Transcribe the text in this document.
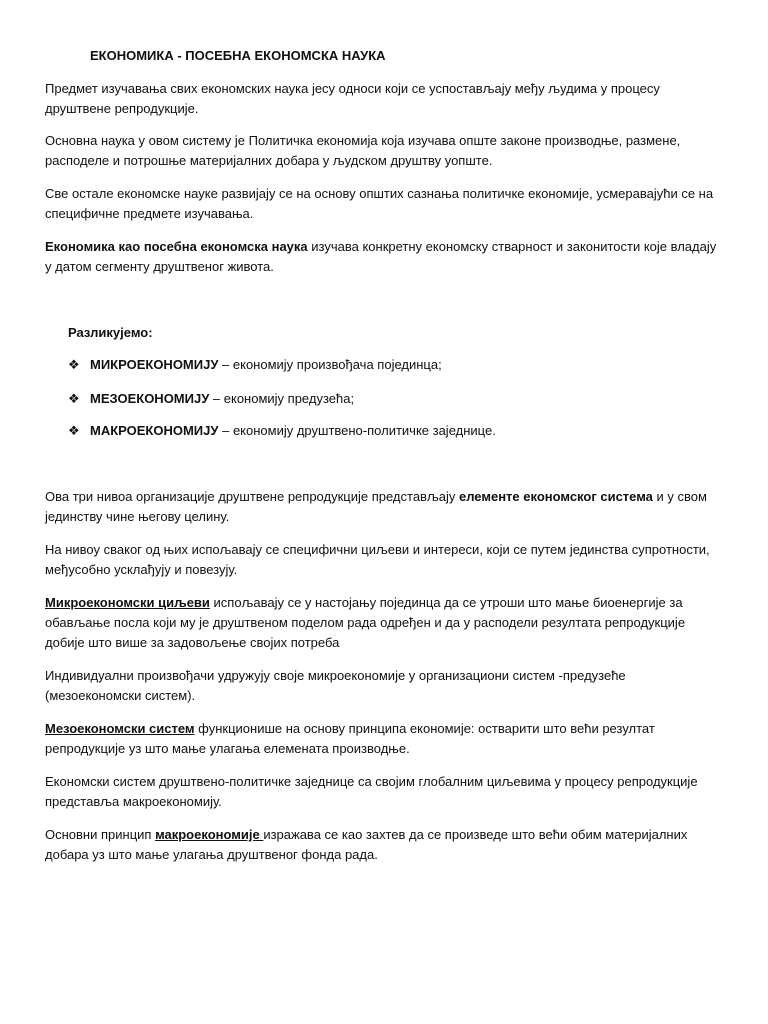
ЕКОНОМИКА - ПОСЕБНА ЕКОНОМСКА НАУКА

Предмет изучавања свих економских наука јесу односи који се успостављају међу људима у процесу друштвене репродукције.

Основна наука у овом систему је Политичка економија која изучава опште законе производње, размене, расподеле и потрошње материјалних добара у људском друштву уопште.

Све остале економске науке развијају се на основу општих сазнања политичке економије, усмеравајући се на специфичне предмете изучавања.

Економика као посебна економска наука изучава конкретну економску стварност и законитости које владају у датом сегменту друштвеног живота.

Разликујемо:
❖ МИКРОЕКОНОМИЈУ – економију произвођача појединца;
❖ МЕЗОЕКОНОМИЈУ – економију предузећа;
❖ МАКРОЕКОНОМИЈУ – економију друштвено-политичке заједнице.

Ова три нивоа организације друштвене репродукције представљају елементе економског система и у свом јединству чине његову целину.

На нивоу сваког од њих испољавају се специфични циљеви и интереси, који се путем јединства супротности, међусобно усклађују и повезују.

Микроекономски циљеви испољавају се у настојању појединца да се утроши што мање биоенергије за обављање посла који му је друштвеном поделом рада одређен и да у расподели резултата репродукције добије што више за задовољење својих потреба

Индивидуални произвођачи удружују своје микроекономије у организациони систем -предузеће (мезоекономски систем).

Мезоекономски систем функционише на основу принципа економије: остварити што већи резултат репродукције уз што мање улагања елемената производње.

Економски систем друштвено-политичке заједнице са својим глобалним циљевима у процесу репродукције представља макроекономију.

Основни принцип макроекономије изражава се као захтев да се произведе што већи обим материјалних добара уз што мање улагања друштвеног фонда рада.
